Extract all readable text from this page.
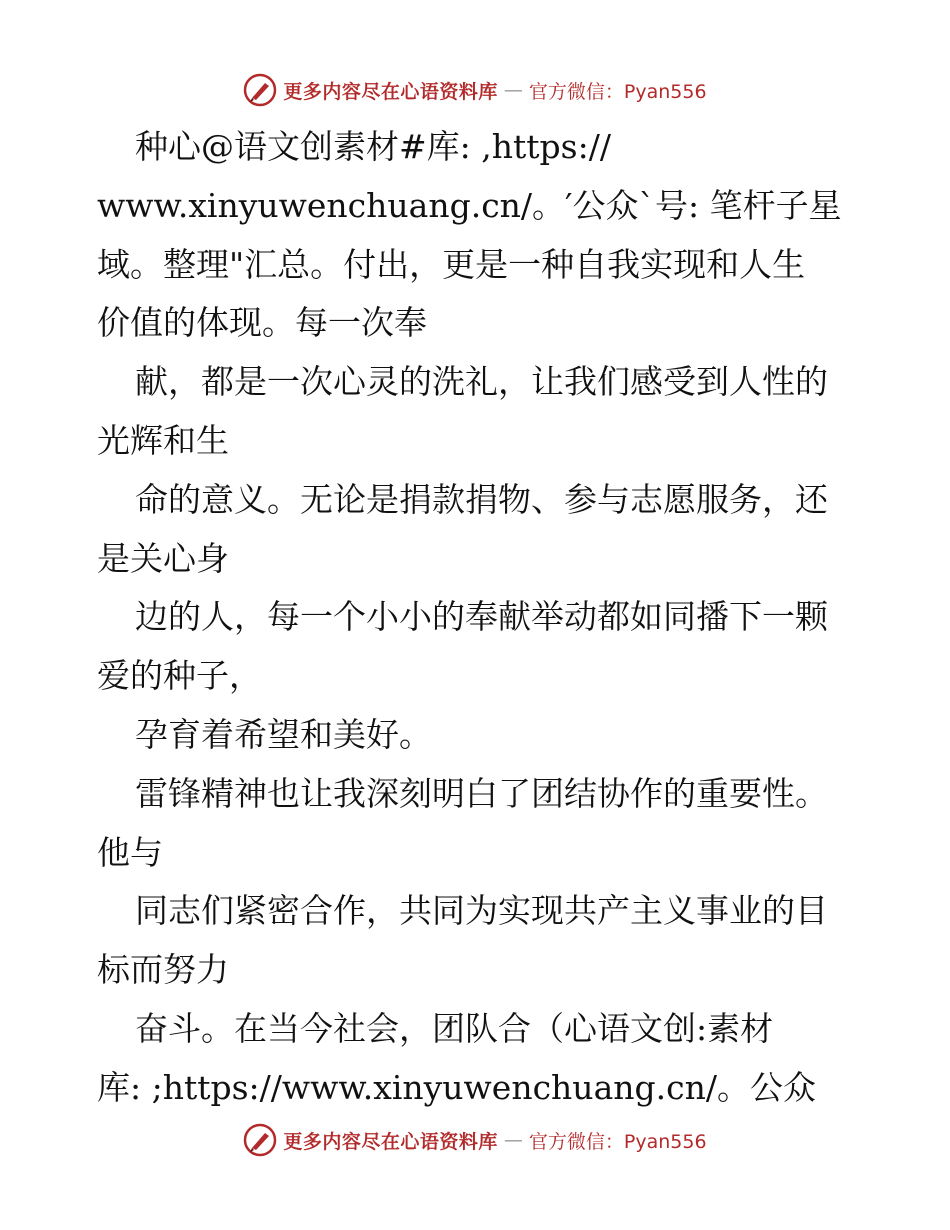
更多内容尽在心语资料库 — 官方微信：Pyan556
种心@语文创素材#库: ,https://
www.xinyuwenchuang.cn/。′公众`号: 笔杆子星
域。整理"汇总。付出，更是一种自我实现和人生
价值的体现。每一次奉
献，都是一次心灵的洗礼，让我们感受到人性的
光辉和生
命的意义。无论是捐款捐物、参与志愿服务，还
是关心身
边的人，每一个小小的奉献举动都如同播下一颗
爱的种子，
孕育着希望和美好。
雷锋精神也让我深刻明白了团结协作的重要性。
他与
同志们紧密合作，共同为实现共产主义事业的目
标而努力
奋斗。在当今社会，团队合（心语文创:素材
库: ;https://www.xinyuwenchuang.cn/。公众
更多内容尽在心语资料库 — 官方微信：Pyan556
